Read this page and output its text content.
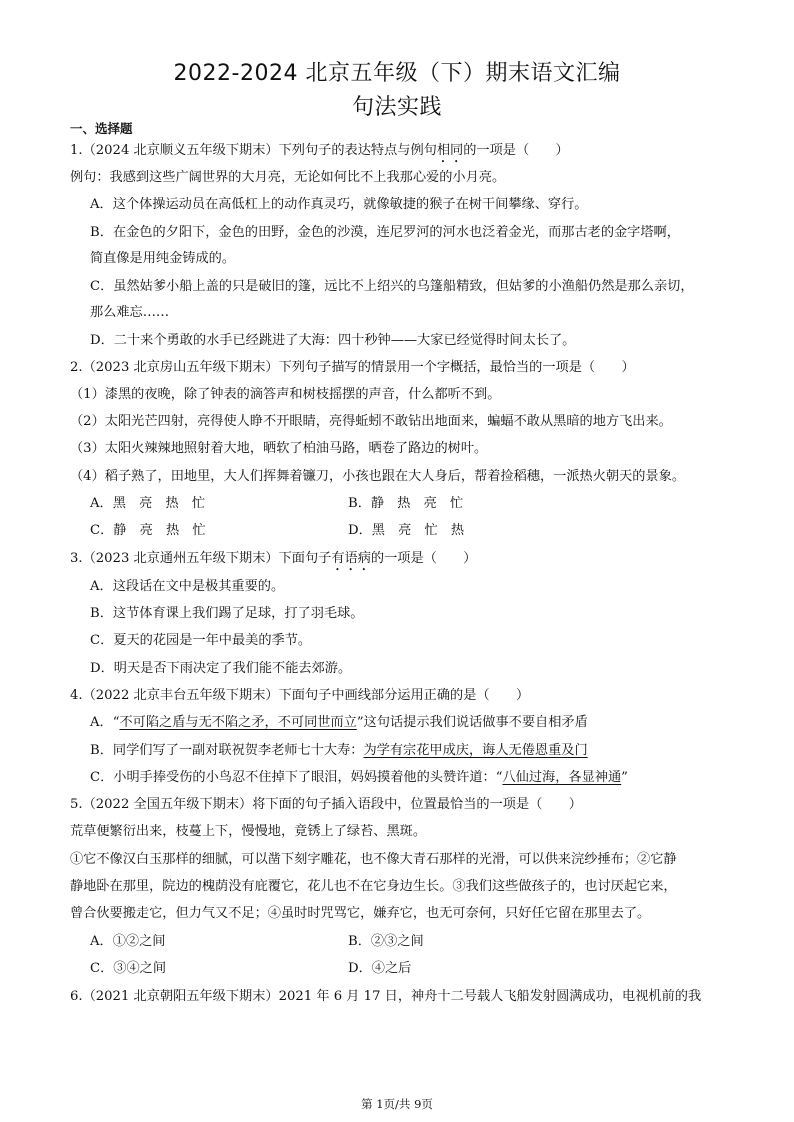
2022-2024 北京五年级（下）期末语文汇编
句法实践
一、选择题
1.（2024 北京顺义五年级下期末）下列句子的表达特点与例句相同的一项是（　　）
例句：我感到这些广阔世界的大月亮，无论如何比不上我那心爱的小月亮。
A．这个体操运动员在高低杠上的动作真灵巧，就像敏捷的猴子在树干间攀缘、穿行。
B．在金色的夕阳下，金色的田野，金色的沙漠，连尼罗河的河水也泛着金光，而那古老的金字塔啊，
简直像是用纯金铸成的。
C．虽然姑爹小船上盖的只是破旧的篷，远比不上绍兴的乌篷船精致，但姑爹的小渔船仍然是那么亲切，
那么难忘……
D．二十来个勇敢的水手已经跳进了大海：四十秒钟——大家已经觉得时间太长了。
2.（2023 北京房山五年级下期末）下列句子描写的情景用一个字概括，最恰当的一项是（　　）
（1）漆黑的夜晚，除了钟表的滴答声和树枝摇摆的声音，什么都听不到。
（2）太阳光芒四射，亮得使人睁不开眼睛，亮得蚯蚓不敢钻出地面来，蝙蝠不敢从黑暗的地方飞出来。
（3）太阳火辣辣地照射着大地，晒软了柏油马路，晒卷了路边的树叶。
（4）稻子熟了，田地里，大人们挥舞着镰刀，小孩也跟在大人身后，帮着捡稻穗，一派热火朝天的景象。
A．黑　亮　热　忙	B．静　热　亮　忙
C．静　亮　热　忙	D．黑　亮　忙　热
3.（2023 北京通州五年级下期末）下面句子有语病的一项是（　　）
A．这段话在文中是极其重要的。
B．这节体育课上我们踢了足球，打了羽毛球。
C．夏天的花园是一年中最美的季节。
D．明天是否下雨决定了我们能不能去郊游。
4.（2022 北京丰台五年级下期末）下面句子中画线部分运用正确的是（　　）
A．“不可陷之盾与无不陷之矛，不可同世而立”这句话提示我们说话做事不要自相矛盾
B．同学们写了一副对联祝贺李老师七十大寿：为学有宗花甲成庆，诲人无倦恩重及门
C．小明手捧受伤的小鸟忍不住掉下了眼泪，妈妈摸着他的头赞许道：“八仙过海，各显神通”
5.（2022 全国五年级下期末）将下面的句子插入语段中，位置最恰当的一项是（　　）
荒草便繁衍出来，枝蔓上下，慢慢地，竟锈上了绿苔、黑斑。
①它不像汉白玉那样的细腻，可以凿下刻字雕花，也不像大青石那样的光滑，可以供来浣纱捶布；②它静
静地卧在那里，院边的槐荫没有庇覆它，花儿也不在它身边生长。③我们这些做孩子的，也讨厌起它来，
曾合伙要搬走它，但力气又不足；④虽时时咒骂它，嫌弃它，也无可奈何，只好任它留在那里去了。
A．①②之间	B．②③之间
C．③④之间	D．④之后
6.（2021 北京朝阳五年级下期末）2021 年 6 月 17 日，神舟十二号载人飞船发射圆满成功，电视机前的我
第 1页/共 9页
